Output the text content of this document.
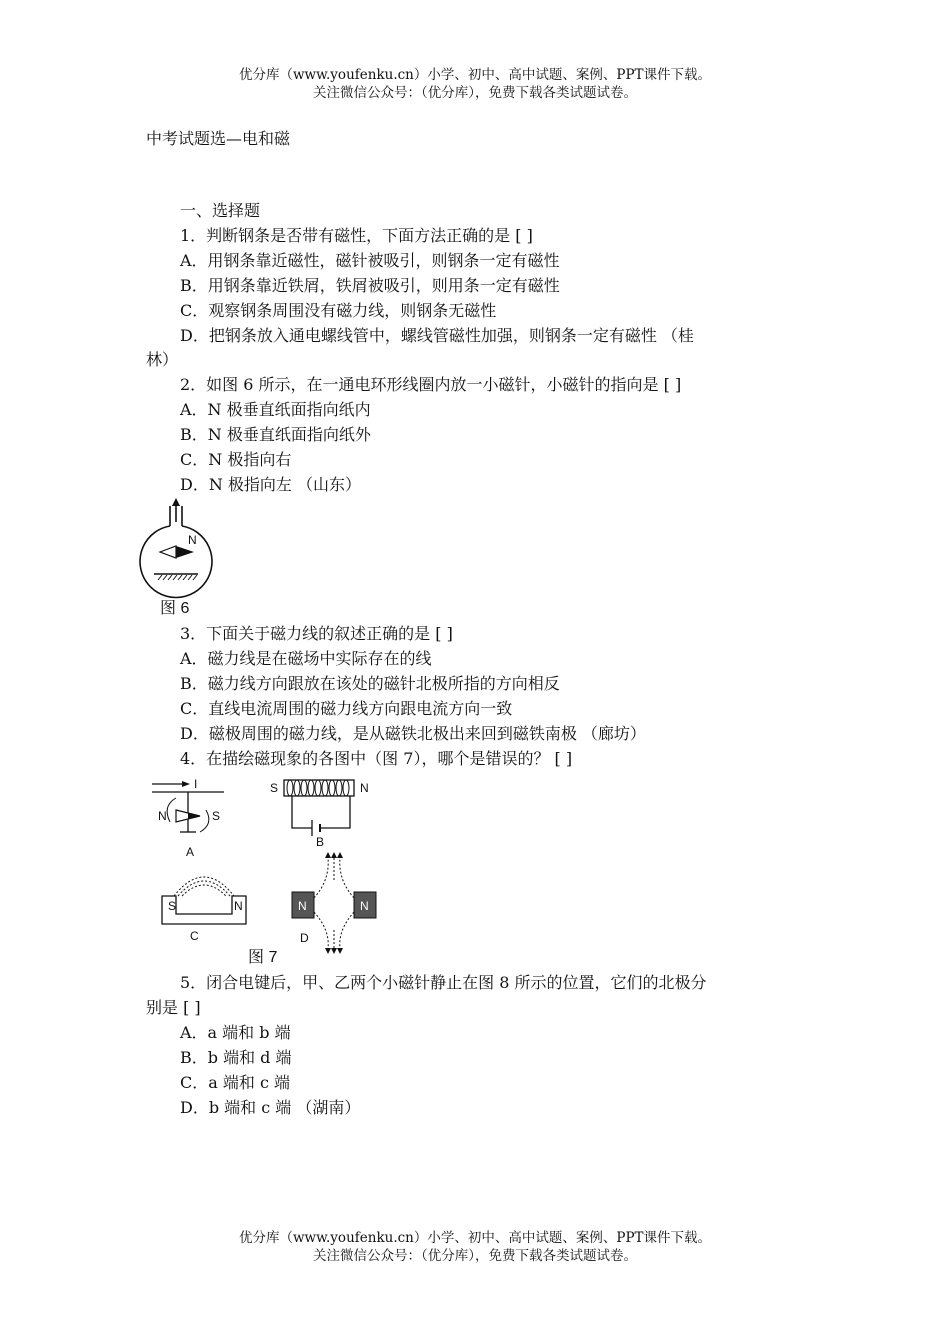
优分库（www.youfenku.cn）小学、初中、高中试题、案例、PPT课件下载。
关注微信公众号：（优分库），免费下载各类试题试卷。
中考试题选—电和磁
一、选择题
1．判断钢条是否带有磁性，下面方法正确的是 [ ]
A．用钢条靠近磁性，磁针被吸引，则钢条一定有磁性
B．用钢条靠近铁屑，铁屑被吸引，则用条一定有磁性
C．观察钢条周围没有磁力线，则钢条无磁性
D．把钢条放入通电螺线管中，螺线管磁性加强，则钢条一定有磁性 （桂
林）
2．如图 6 所示，在一通电环形线圈内放一小磁针，小磁针的指向是 [ ]
A．N 极垂直纸面指向纸内
B．N 极垂直纸面指向纸外
C．N 极指向右
D．N 极指向左 （山东）
N
图 6
3．下面关于磁力线的叙述正确的是 [ ]
A．磁力线是在磁场中实际存在的线
B．磁力线方向跟放在该处的磁针北极所指的方向相反
C．直线电流周围的磁力线方向跟电流方向一致
D．磁极周围的磁力线，是从磁铁北极出来回到磁铁南极 （廊坊）
4．在描绘磁现象的各图中（图 7），哪个是错误的？ [ ]
I
N	S
A
S	N
B
S	N
C
N	N
D
图 7
5．闭合电键后，甲、乙两个小磁针静止在图 8 所示的位置，它们的北极分
别是 [ ]
A．a 端和 b 端
B．b 端和 d 端
C．a 端和 c 端
D．b 端和 c 端 （湖南）
优分库（www.youfenku.cn）小学、初中、高中试题、案例、PPT课件下载。
关注微信公众号：（优分库），免费下载各类试题试卷。
